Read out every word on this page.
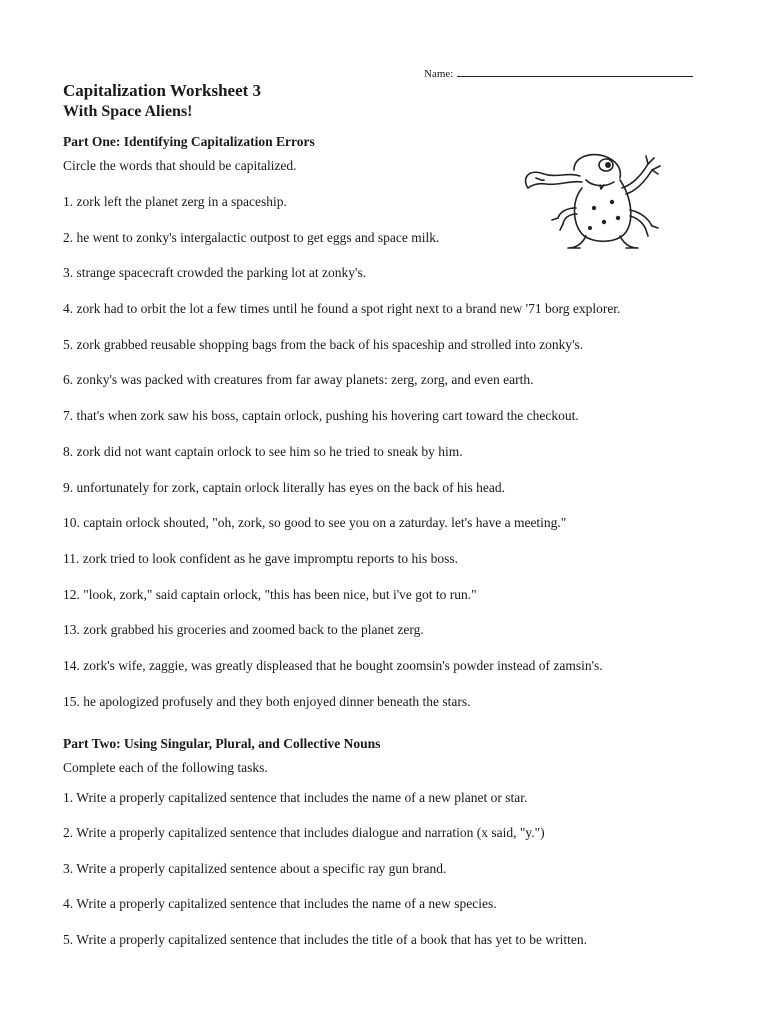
Name:
Capitalization Worksheet 3
With Space Aliens!
Part One: Identifying Capitalization Errors

Circle the words that should be capitalized.

1. zork left the planet zerg in a spaceship.

2. he went to zonky's intergalactic outpost to get eggs and space milk.

3. strange spacecraft crowded the parking lot at zonky's.

4. zork had to orbit the lot a few times until he found a spot right next to a brand new '71 borg explorer.

5. zork grabbed reusable shopping bags from the back of his spaceship and strolled into zonky's.

6. zonky's was packed with creatures from far away planets: zerg, zorg, and even earth.

7. that's when zork saw his boss, captain orlock, pushing his hovering cart toward the checkout.

8. zork did not want captain orlock to see him so he tried to sneak by him.

9. unfortunately for zork, captain orlock literally has eyes on the back of his head.

10. captain orlock shouted, "oh, zork, so good to see you on a zaturday. let's have a meeting."

11. zork tried to look confident as he gave impromptu reports to his boss.

12. "look, zork," said captain orlock, "this has been nice, but i've got to run."

13. zork grabbed his groceries and zoomed back to the planet zerg.

14. zork's wife, zaggie, was greatly displeased that he bought zoomsin's powder instead of zamsin's.

15. he apologized profusely and they both enjoyed dinner beneath the stars.

Part Two: Using Singular, Plural, and Collective Nouns

Complete each of the following tasks.

1. Write a properly capitalized sentence that includes the name of a new planet or star.

2. Write a properly capitalized sentence that includes dialogue and narration (x said, "y.")

3. Write a properly capitalized sentence about a specific ray gun brand.

4. Write a properly capitalized sentence that includes the name of a new species.

5. Write a properly capitalized sentence that includes the title of a book that has yet to be written.
